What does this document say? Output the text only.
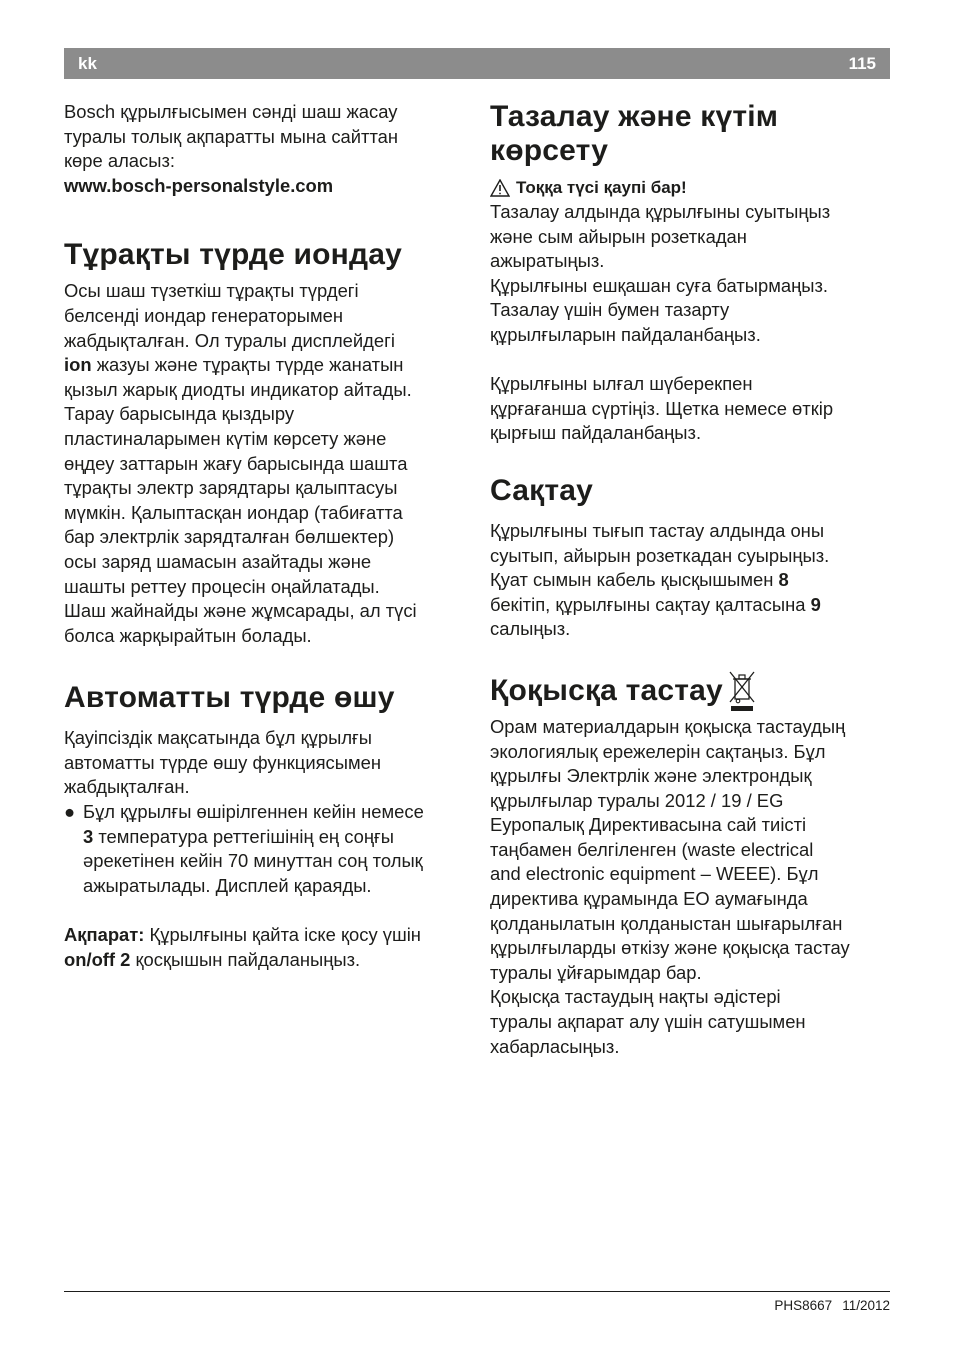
kk	115

Bosch құрылғысымен сәнді шаш жасау

туралы толық ақпаратты мына сайттан

көре аласыз:

www.bosch-personalstyle.com

Тұрақты түрде иондау

Осы шаш түзеткіш тұрақты түрдегі

белсенді иондар генераторымен

жабдықталған. Ол туралы дисплейдегі

ion жазуы және тұрақты түрде жанатын

қызыл жарық диодты индикатор айтады.

Тарау барысында қыздыру

пластиналарымен күтім көрсету және

өңдеу заттарын жағу барысында шашта

тұрақты электр зарядтары қалыптасуы

мүмкін. Қалыптасқан иондар (табиғатта

бар электрлік зарядталған бөлшектер)

осы заряд шамасын азайтады және

шашты реттеу процесін оңайлатады.

Шаш жайнайды және жұмсарады, ал түсі

болса жарқырайтын болады.

Автоматты түрде өшу

Қауіпсіздік мақсатында бұл құрылғы

автоматты түрде өшу функциясымен

жабдықталған.

● Бұл құрылғы өшірілгеннен кейін немесе

3 температура реттегішінің ең соңғы

әрекетінен кейін 70 минуттан соң толық

ажыратылады. Дисплей қараяды.

Ақпарат: Құрылғыны қайта іске қосу үшін

on/off 2 қосқышын пайдаланыңыз.

Тазалау және күтім
көрсету
Тоққа түсі қаупі бар!

Тазалау алдында құрылғыны суытыңыз

және сым айырын розеткадан

ажыратыңыз.

Құрылғыны ешқашан суға батырмаңыз.

Тазалау үшін бумен тазарту

құрылғыларын пайдаланбаңыз.

Құрылғыны ылғал шүберекпен

құрғағанша сүртіңіз. Щетка немесе өткір

қырғыш пайдаланбаңыз.

Сақтау

Құрылғыны тығып тастау алдында оны

суытып, айырын розеткадан суырыңыз.

Қуат сымын кабель қысқышымен 8

бекітіп, құрылғыны сақтау қалтасына 9

салыңыз.

Қоқысқа тастау

Орам материалдарын қоқысқа тастаудың

экологиялық ережелерін сақтаңыз. Бұл

құрылғы Электрлік және электрондық

құрылғылар туралы 2012 / 19 / EG

Еуропалық Директивасына сай тиісті

таңбамен белгіленген (waste electrical

and electronic equipment – WEEE). Бұл

директива құрамында ЕО аумағында

қолданылатын қолданыстан шығарылған

құрылғыларды өткізу және қоқысқа тастау

туралы ұйғарымдар бар.

Қоқысқа тастаудың нақты әдістері

туралы ақпарат алу үшін сатушымен

хабарласыңыз.

PHS8667 11/2012
